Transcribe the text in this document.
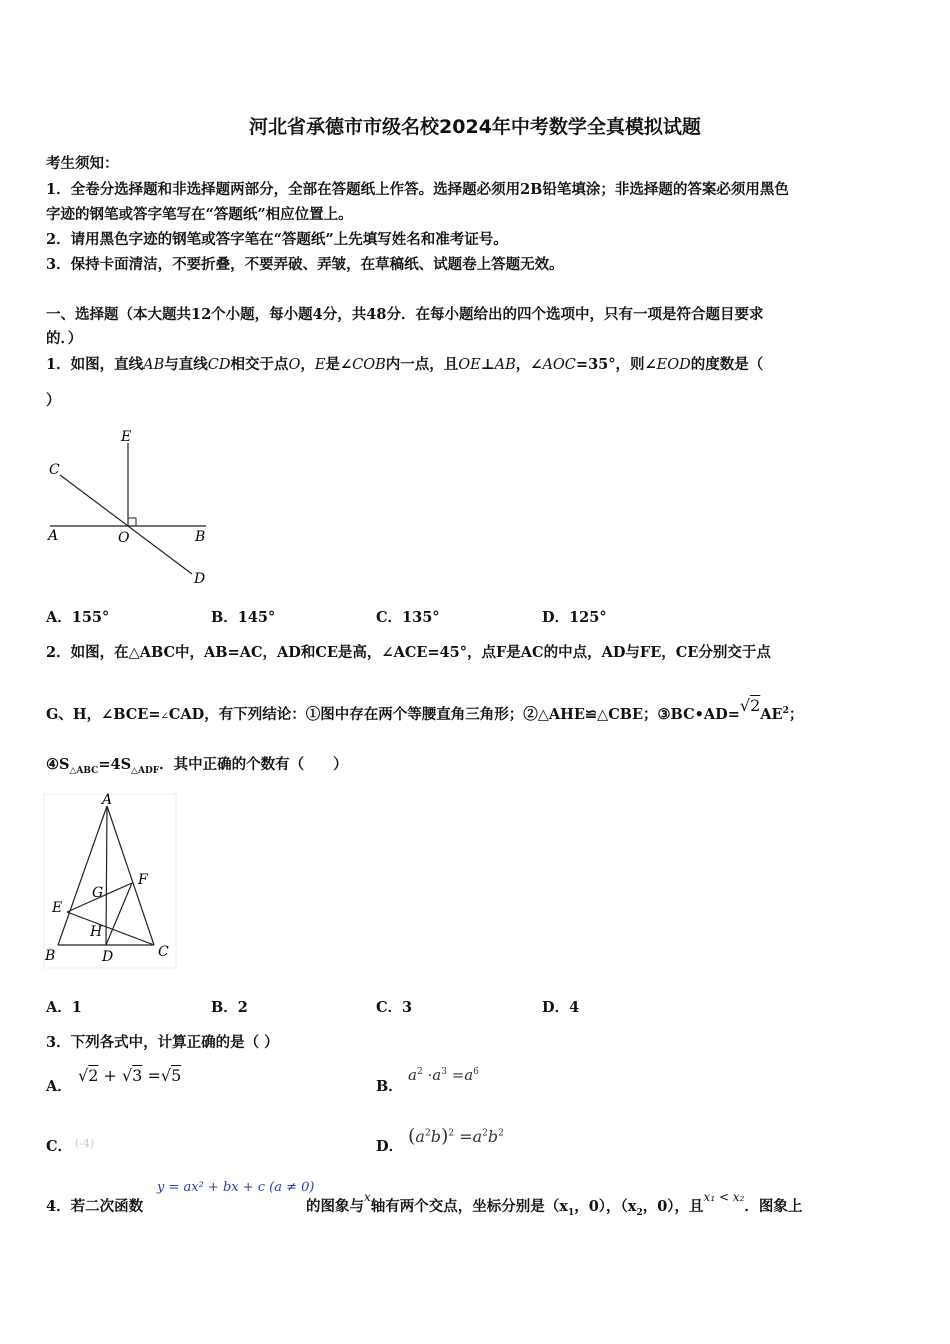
河北省承德市市级名校2024年中考数学全真模拟试题
考生须知：
1．全卷分选择题和非选择题两部分，全部在答题纸上作答。选择题必须用2B铅笔填涂；非选择题的答案必须用黑色
字迹的钢笔或答字笔写在“答题纸”相应位置上。
2．请用黑色字迹的钢笔或答字笔在“答题纸”上先填写姓名和准考证号。
3．保持卡面清洁，不要折叠，不要弄破、弄皱，在草稿纸、试题卷上答题无效。
一、选择题（本大题共12个小题，每小题4分，共48分．在每小题给出的四个选项中，只有一项是符合题目要求
的．）
1．如图，直线AB与直线CD相交于点O，E是∠COB内一点，且OE⊥AB，∠AOC=35°，则∠EOD的度数是（
）
E
C
A	O	B
D
A．155°	B．145°	C．135°	D．125°
2．如图，在△ABC中，AB=AC，AD和CE是高，∠ACE=45°，点F是AC的中点，AD与FE，CE分别交于点
G、H，∠BCE=∠CAD，有下列结论：①图中存在两个等腰直角三角形；②△AHE≌△CBE；$③BC•AD=√2AE^2$；
$④S_{\triangle ABC}=4S_{\triangle ADF}$．其中正确的个数有（　　）
A
F
G
E
H
B	D	C
A．1	B．2	C．3	D．4
3．下列各式中，计算正确的是（ ）
A．
√2 + √3 =√5
B．
$a^2 \cdot a^3 =a^6$
C． (-4)	D． $(a^2b)^2 =a^2b^2$
4．若二次函数
y = ax² + bx + c (a ≠ 0)
的图象与$^x$轴有两个交点，坐标分别是（$x_1$，0），（$x_2$，0），且$^{x_1 < x_2}$．图象上
